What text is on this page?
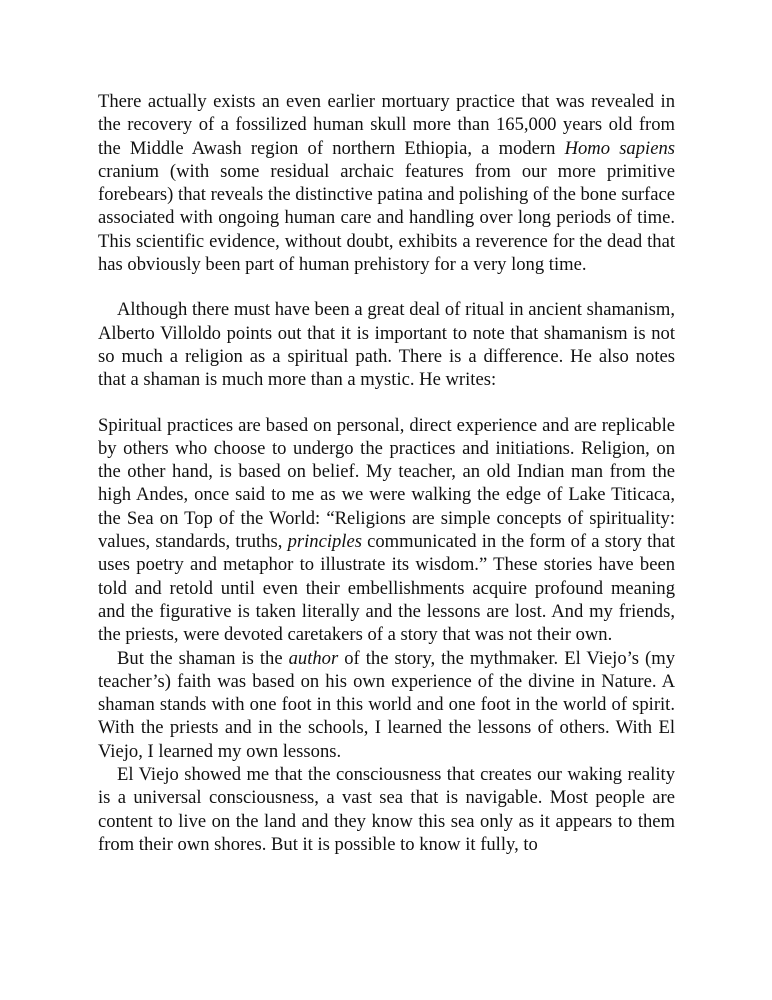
There actually exists an even earlier mortuary practice that was revealed in the recovery of a fossilized human skull more than 165,000 years old from the Middle Awash region of northern Ethiopia, a modern Homo sapiens cranium (with some residual archaic features from our more primitive forebears) that reveals the distinctive patina and polishing of the bone surface associated with ongoing human care and handling over long periods of time. This scientific evidence, without doubt, exhibits a reverence for the dead that has obviously been part of human prehistory for a very long time.

Although there must have been a great deal of ritual in ancient shamanism, Alberto Villoldo points out that it is important to note that shamanism is not so much a religion as a spiritual path. There is a difference. He also notes that a shaman is much more than a mystic. He writes:

Spiritual practices are based on personal, direct experience and are replicable by others who choose to undergo the practices and initiations. Religion, on the other hand, is based on belief. My teacher, an old Indian man from the high Andes, once said to me as we were walking the edge of Lake Titicaca, the Sea on Top of the World: “Religions are simple concepts of spirituality: values, standards, truths, principles communicated in the form of a story that uses poetry and metaphor to illustrate its wisdom.” These stories have been told and retold until even their embellishments acquire profound meaning and the figurative is taken literally and the lessons are lost. And my friends, the priests, were devoted caretakers of a story that was not their own.

But the shaman is the author of the story, the mythmaker. El Viejo’s (my teacher’s) faith was based on his own experience of the divine in Nature. A shaman stands with one foot in this world and one foot in the world of spirit. With the priests and in the schools, I learned the lessons of others. With El Viejo, I learned my own lessons.

El Viejo showed me that the consciousness that creates our waking reality is a universal consciousness, a vast sea that is navigable. Most people are content to live on the land and they know this sea only as it appears to them from their own shores. But it is possible to know it fully, to
